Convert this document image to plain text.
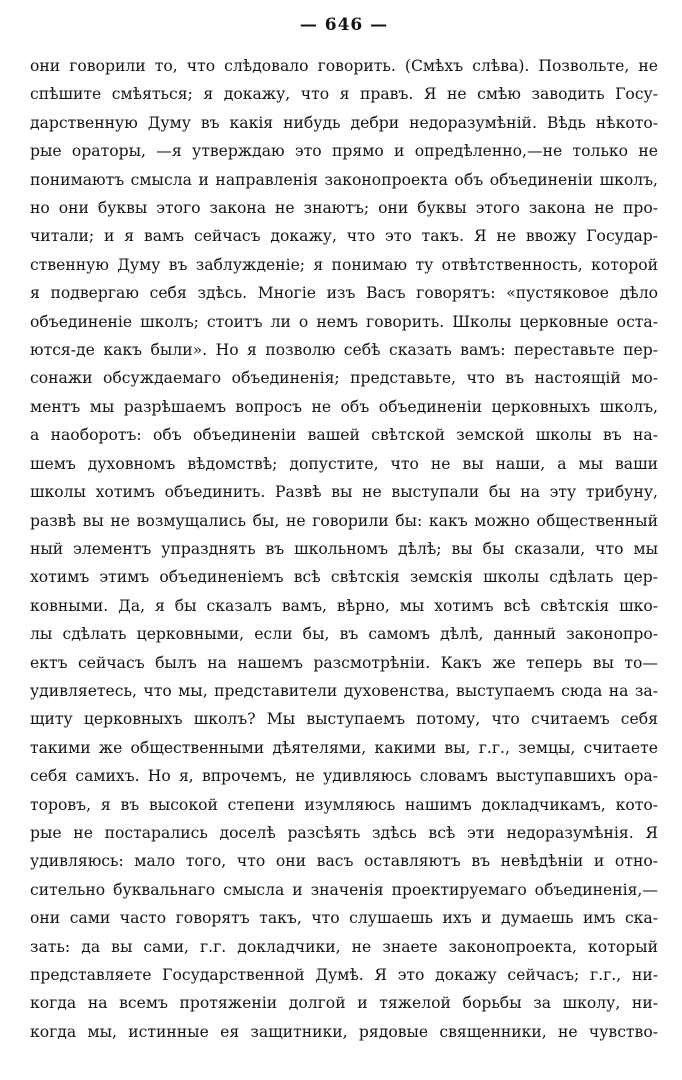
— 646 —
они говорили то, что слѣдовало говорить. (Смѣхъ слѣва). Позвольте, не
спѣшите смѣяться; я докажу, что я правъ. Я не смѣю заводить Госу-
дарственную Думу въ какія нибудь дебри недоразумѣній. Вѣдь нѣкото-
рые ораторы, —я утверждаю это прямо и опредѣленно,—не только не
понимаютъ смысла и направленія законопроекта объ объединеніи школъ,
но они буквы этого закона не знаютъ; они буквы этого закона не про-
читали; и я вамъ сейчасъ докажу, что это такъ. Я не ввожу Государ-
ственную Думу въ заблужденіе; я понимаю ту отвѣтственность, которой
я подвергаю себя здѣсь. Многіе изъ Васъ говорятъ: «пустяковое дѣло
объединеніе школъ; стоитъ ли о немъ говорить. Школы церковные оста-
ются-де какъ были». Но я позволю себѣ сказать вамъ: переставьте пер-
сонажи обсуждаемаго объединенія; представьте, что въ настоящій мо-
ментъ мы разрѣшаемъ вопросъ не объ объединеніи церковныхъ школъ,
а наоборотъ: объ объединеніи вашей свѣтской земской школы въ на-
шемъ духовномъ вѣдомствѣ; допустите, что не вы наши, а мы ваши
школы хотимъ объединить. Развѣ вы не выступали бы на эту трибуну,
развѣ вы не возмущались бы, не говорили бы: какъ можно общественный
ный элементъ упразднять въ школьномъ дѣлѣ; вы бы сказали, что мы
хотимъ этимъ объединеніемъ всѣ свѣтскія земскія школы сдѣлать цер-
ковными. Да, я бы сказалъ вамъ, вѣрно, мы хотимъ всѣ свѣтскія шко-
лы сдѣлать церковными, если бы, въ самомъ дѣлѣ, данный законопро-
ектъ сейчасъ былъ на нашемъ разсмотрѣніи. Какъ же теперь вы то—
удивляетесь, что мы, представители духовенства, выступаемъ сюда на за-
щиту церковныхъ школъ? Мы выступаемъ потому, что считаемъ себя
такими же общественными дѣятелями, какими вы, г.г., земцы, считаете
себя самихъ. Но я, впрочемъ, не удивляюсь словамъ выступавшихъ ора-
торовъ, я въ высокой степени изумляюсь нашимъ докладчикамъ, кото-
рые не постарались доселѣ разсѣять здѣсь всѣ эти недоразумѣнія. Я
удивляюсь: мало того, что они васъ оставляютъ въ невѣдѣніи и отно-
сительно буквальнаго смысла и значенія проектируемаго объединенія,—
они сами часто говорятъ такъ, что слушаешь ихъ и думаешь имъ ска-
зать: да вы сами, г.г. докладчики, не знаете законопроекта, который
представляете Государственной Думѣ. Я это докажу сейчасъ; г.г., ни-
когда на всемъ протяженіи долгой и тяжелой борьбы за школу, ни-
когда мы, истинные ея защитники, рядовые священники, не чувство-
